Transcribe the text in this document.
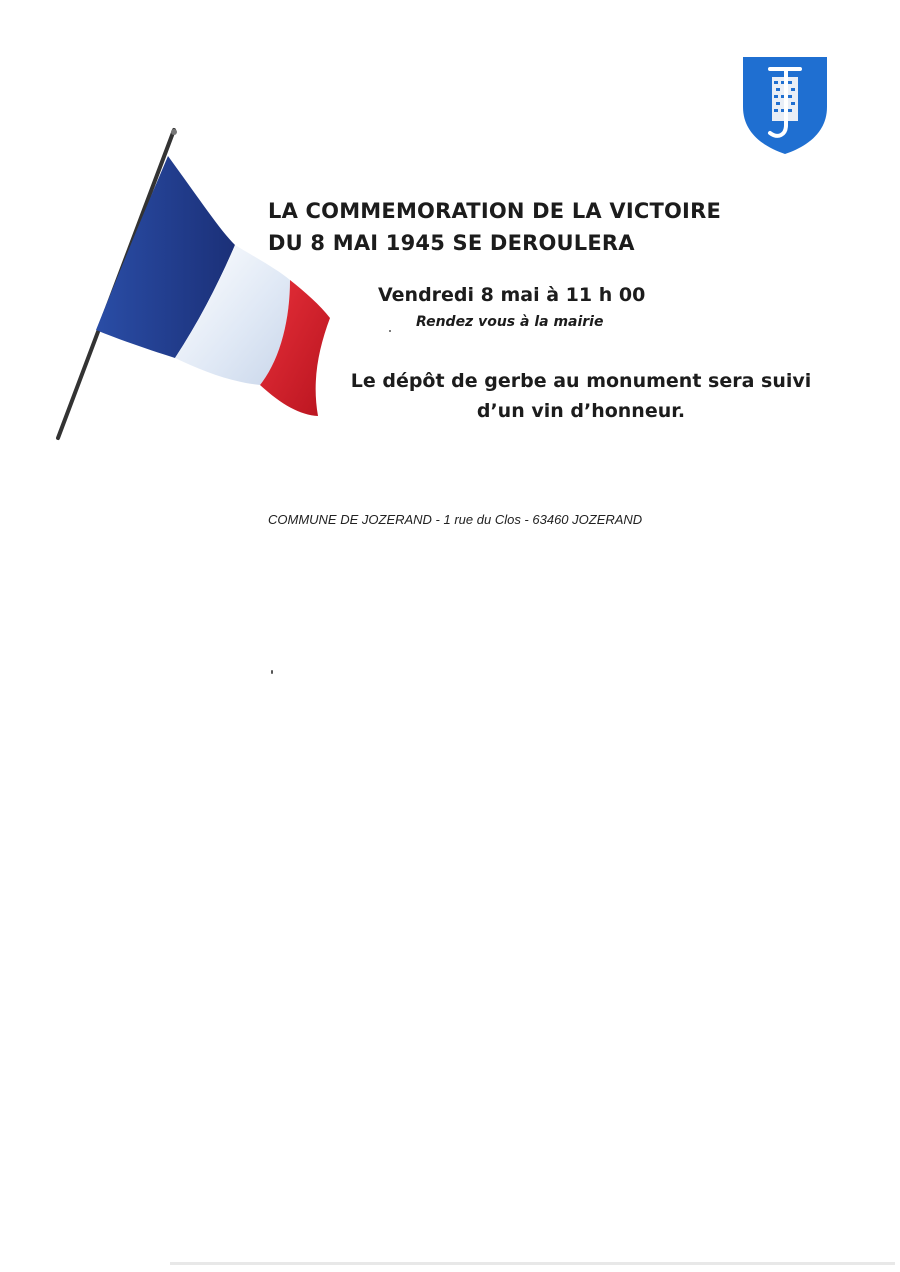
LA COMMEMORATION DE LA VICTOIRE
DU 8 MAI 1945 SE DEROULERA
Vendredi 8 mai à 11 h 00
Rendez vous à la mairie
Le dépôt de gerbe au monument sera suivi
d’un vin d’honneur.
COMMUNE DE JOZERAND - 1 rue du Clos - 63460 JOZERAND
